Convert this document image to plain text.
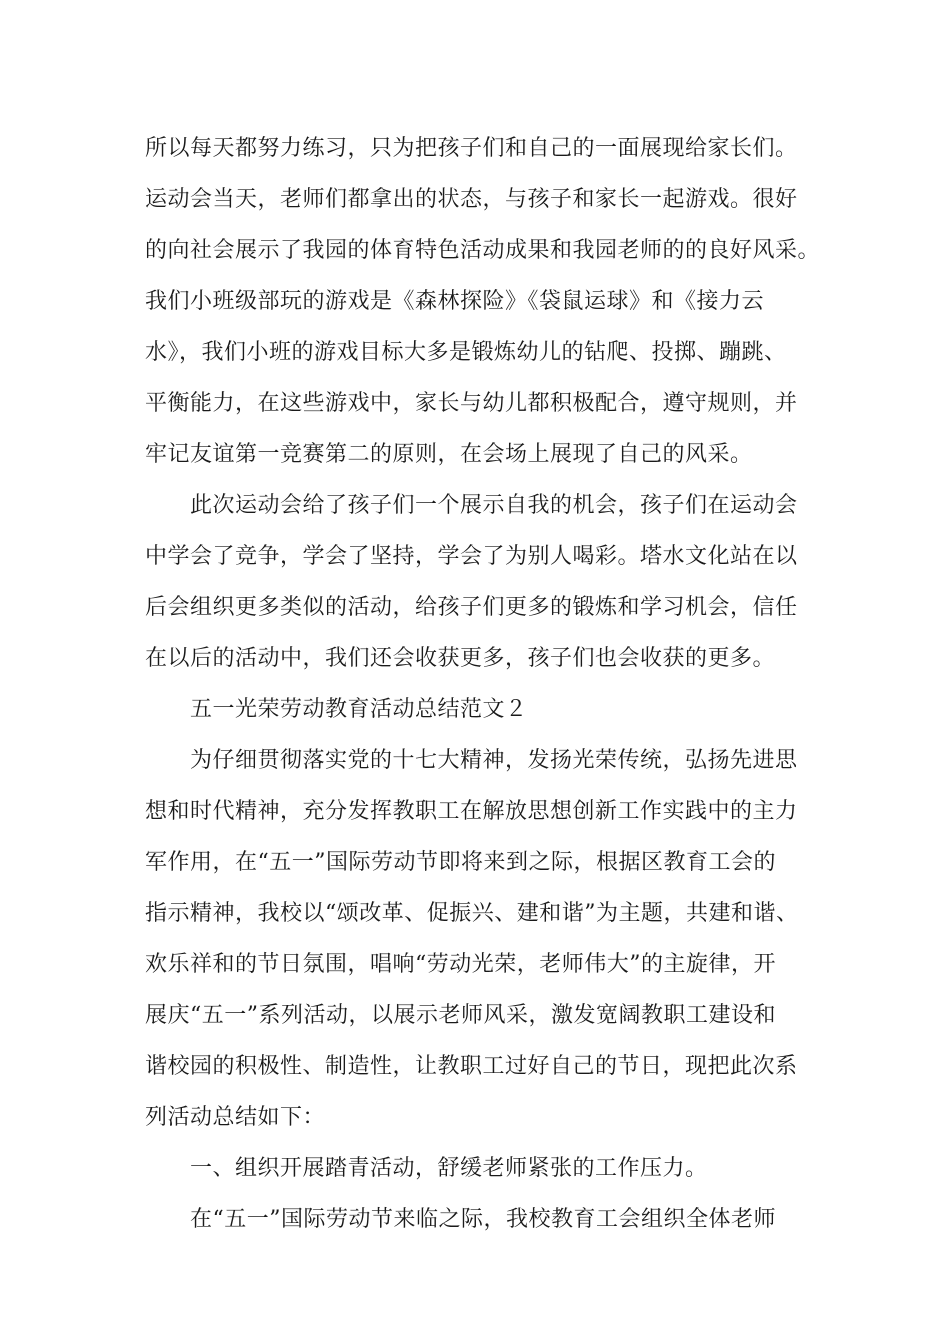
所以每天都努力练习，只为把孩子们和自己的一面展现给家长们。
运动会当天，老师们都拿出的状态，与孩子和家长一起游戏。很好
的向社会展示了我园的体育特色活动成果和我园老师的的良好风采。
我们小班级部玩的游戏是《森林探险》《袋鼠运球》和《接力云
水》，我们小班的游戏目标大多是锻炼幼儿的钻爬、投掷、蹦跳、
平衡能力，在这些游戏中，家长与幼儿都积极配合，遵守规则，并
牢记友谊第一竞赛第二的原则，在会场上展现了自己的风采。
此次运动会给了孩子们一个展示自我的机会，孩子们在运动会
中学会了竞争，学会了坚持，学会了为别人喝彩。塔水文化站在以
后会组织更多类似的活动，给孩子们更多的锻炼和学习机会，信任
在以后的活动中，我们还会收获更多，孩子们也会收获的更多。
五一光荣劳动教育活动总结范文２
为仔细贯彻落实党的十七大精神，发扬光荣传统，弘扬先进思
想和时代精神，充分发挥教职工在解放思想创新工作实践中的主力
军作用，在“五一”国际劳动节即将来到之际，根据区教育工会的
指示精神，我校以“颂改革、促振兴、建和谐”为主题，共建和谐、
欢乐祥和的节日氛围，唱响“劳动光荣，老师伟大”的主旋律，开
展庆“五一”系列活动，以展示老师风采，激发宽阔教职工建设和
谐校园的积极性、制造性，让教职工过好自己的节日，现把此次系
列活动总结如下：
一、组织开展踏青活动，舒缓老师紧张的工作压力。
在“五一”国际劳动节来临之际，我校教育工会组织全体老师
